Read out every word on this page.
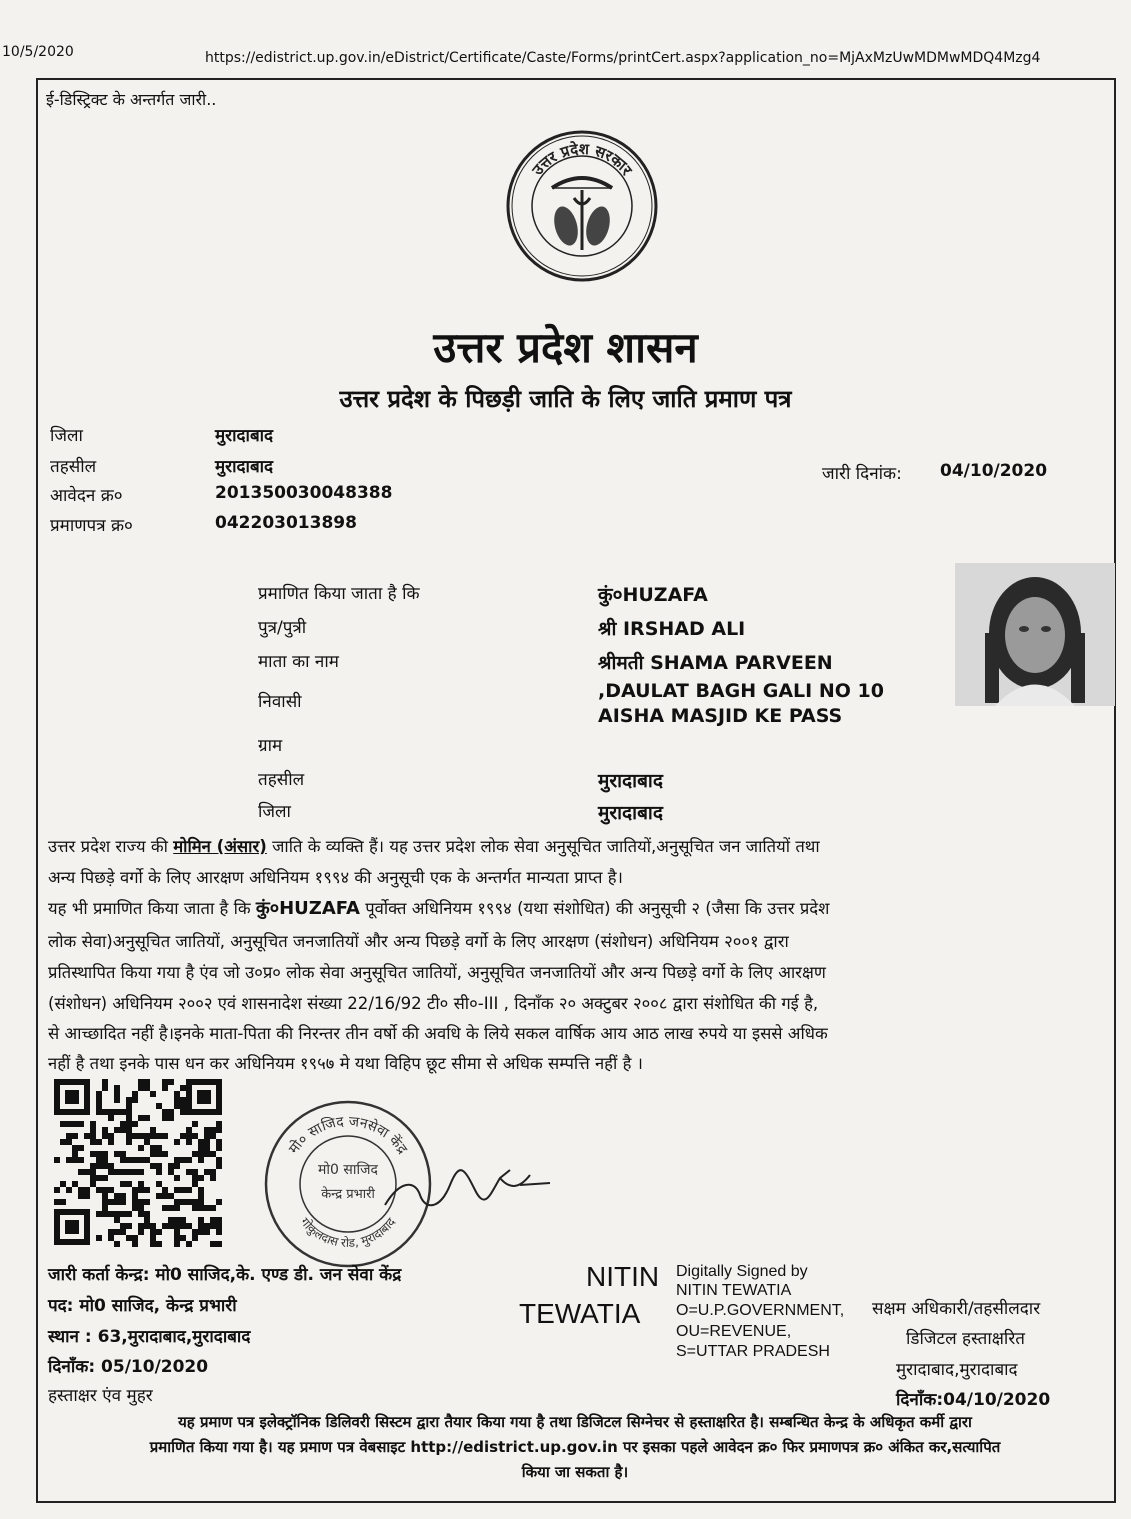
10/5/2020	https://edistrict.up.gov.in/eDistrict/Certificate/Caste/Forms/printCert.aspx?application_no=MjAxMzUwMDMwMDQ4Mzg4
ई-डिस्ट्रिक्ट के अन्तर्गत जारी..
उत्तर प्रदेश सरकार
उत्तर प्रदेश शासन
उत्तर प्रदेश के पिछड़ी जाति के लिए जाति प्रमाण पत्र
जिला	मुरादाबाद
तहसील	मुरादाबाद
आवेदन क्र०	201350030048388
प्रमाणपत्र क्र०	042203013898
जारी दिनांक: 04/10/2020
प्रमाणित किया जाता है कि	कुं०HUZAFA
पुत्र/पुत्री	श्री IRSHAD ALI
माता का नाम	श्रीमती SHAMA PARVEEN
निवासी	,DAULAT BAGH GALI NO 10
AISHA MASJID KE PASS
ग्राम
तहसील	मुरादाबाद
जिला	मुरादाबाद
उत्तर प्रदेश राज्य की मोमिन (अंसार) जाति के व्यक्ति हैं। यह उत्तर प्रदेश लोक सेवा अनुसूचित जातियों,अनुसूचित जन जातियों तथा
अन्य पिछड़े वर्गो के लिए आरक्षण अधिनियम १९९४ की अनुसूची एक के अन्तर्गत मान्यता प्राप्त है।
यह भी प्रमाणित किया जाता है कि कुं०HUZAFA पूर्वोक्त अधिनियम १९९४ (यथा संशोधित) की अनुसूची २ (जैसा कि उत्तर प्रदेश
लोक सेवा)अनुसूचित जातियों, अनुसूचित जनजातियों और अन्य पिछड़े वर्गो के लिए आरक्षण (संशोधन) अधिनियम २००१ द्वारा
प्रतिस्थापित किया गया है एंव जो उ०प्र० लोक सेवा अनुसूचित जातियों, अनुसूचित जनजातियों और अन्य पिछड़े वर्गो के लिए आरक्षण
(संशोधन) अधिनियम २००२ एवं शासनादेश संख्या 22/16/92 टी० सी०-III , दिनाँक २० अक्टुबर २००८ द्वारा संशोधित की गई है,
से आच्छादित नहीं है।इनके माता-पिता की निरन्तर तीन वर्षो की अवधि के लिये सकल वार्षिक आय आठ लाख रुपये या इससे अधिक
नहीं है तथा इनके पास धन कर अधिनियम १९५७ मे यथा विहिप छूट सीमा से अधिक सम्पत्ति नहीं है ।
मो० साजिद जनसेवा केंद्र
गोकुलदास रोड, मुरादाबाद
मो0 साजिद
केन्द्र प्रभारी
जारी कर्ता केन्द्र: मो0 साजिद,के. एण्ड डी. जन सेवा केंद्र
पद: मो0 साजिद, केन्द्र प्रभारी
स्थान : 63,मुरादाबाद,मुरादाबाद
दिनाँक: 05/10/2020
हस्ताक्षर एंव मुहर
NITIN
TEWATIA
Digitally Signed by
NITIN TEWATIA
O=U.P.GOVERNMENT,
OU=REVENUE,
S=UTTAR PRADESH
सक्षम अधिकारी/तहसीलदार
डिजिटल हस्ताक्षरित
मुरादाबाद,मुरादाबाद
दिनाँक:04/10/2020
यह प्रमाण पत्र इलेक्ट्रॉनिक डिलिवरी सिस्टम द्वारा तैयार किया गया है तथा डिजिटल सिग्नेचर से हस्ताक्षरित है। सम्बन्धित केन्द्र के अधिकृत कर्मी द्वारा
प्रमाणित किया गया है। यह प्रमाण पत्र वेबसाइट http://edistrict.up.gov.in पर इसका पहले आवेदन क्र० फिर प्रमाणपत्र क्र० अंकित कर,सत्यापित
किया जा सकता है।
